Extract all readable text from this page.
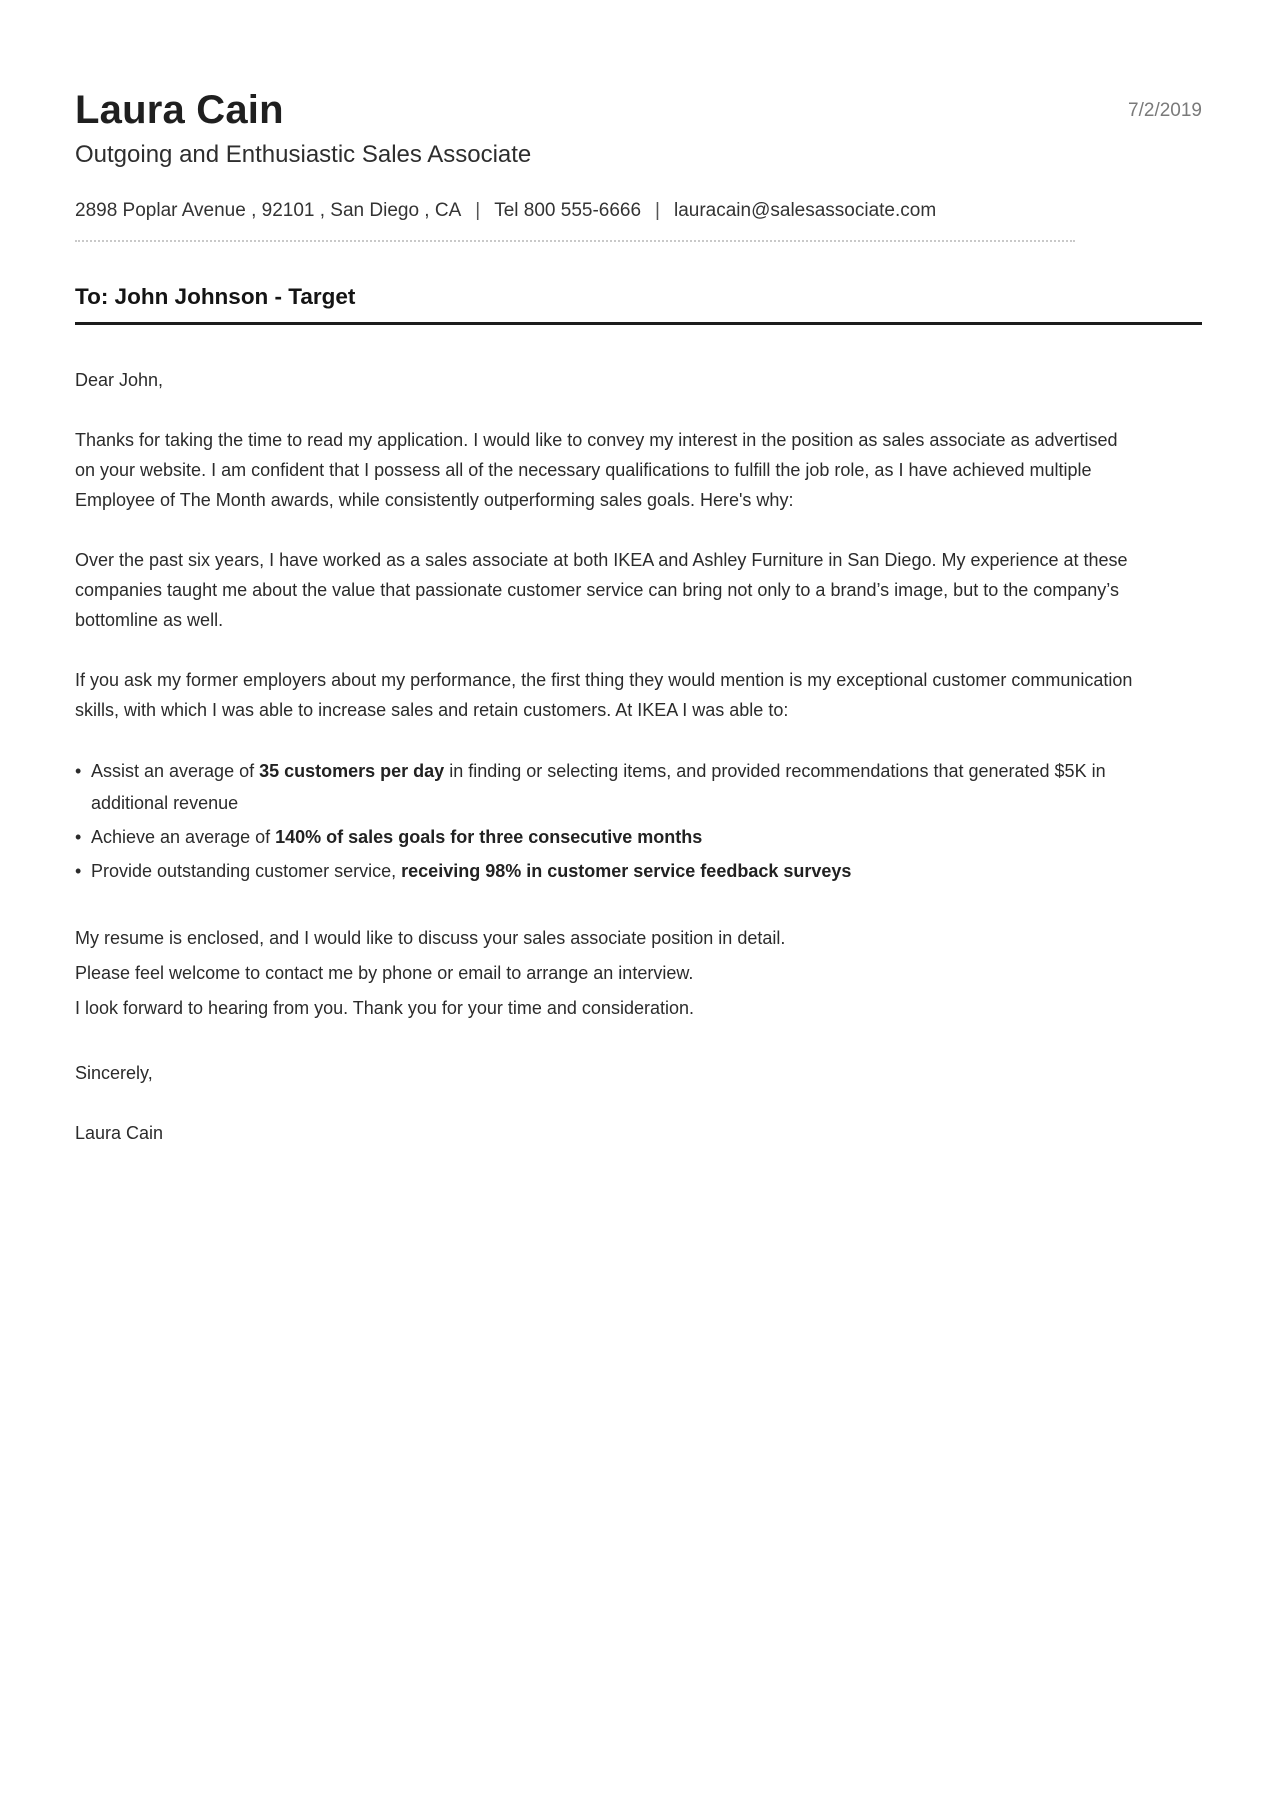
Laura Cain
Outgoing and Enthusiastic Sales Associate
7/2/2019
2898 Poplar Avenue , 92101 , San Diego , CA | Tel 800 555-6666 | lauracain@salesassociate.com
To: John Johnson - Target

Dear John,

Thanks for taking the time to read my application. I would like to convey my interest in the position as sales associate as advertised on your website. I am confident that I possess all of the necessary qualifications to fulfill the job role, as I have achieved multiple Employee of The Month awards, while consistently outperforming sales goals. Here's why:

Over the past six years, I have worked as a sales associate at both IKEA and Ashley Furniture in San Diego. My experience at these companies taught me about the value that passionate customer service can bring not only to a brand’s image, but to the company’s bottomline as well.

If you ask my former employers about my performance, the first thing they would mention is my exceptional customer communication skills, with which I was able to increase sales and retain customers. At IKEA I was able to:

• Assist an average of 35 customers per day in finding or selecting items, and provided recommendations that generated $5K in additional revenue
• Achieve an average of 140% of sales goals for three consecutive months
• Provide outstanding customer service, receiving 98% in customer service feedback surveys
My resume is enclosed, and I would like to discuss your sales associate position in detail.
Please feel welcome to contact me by phone or email to arrange an interview.
I look forward to hearing from you. Thank you for your time and consideration.
Sincerely,
Laura Cain
